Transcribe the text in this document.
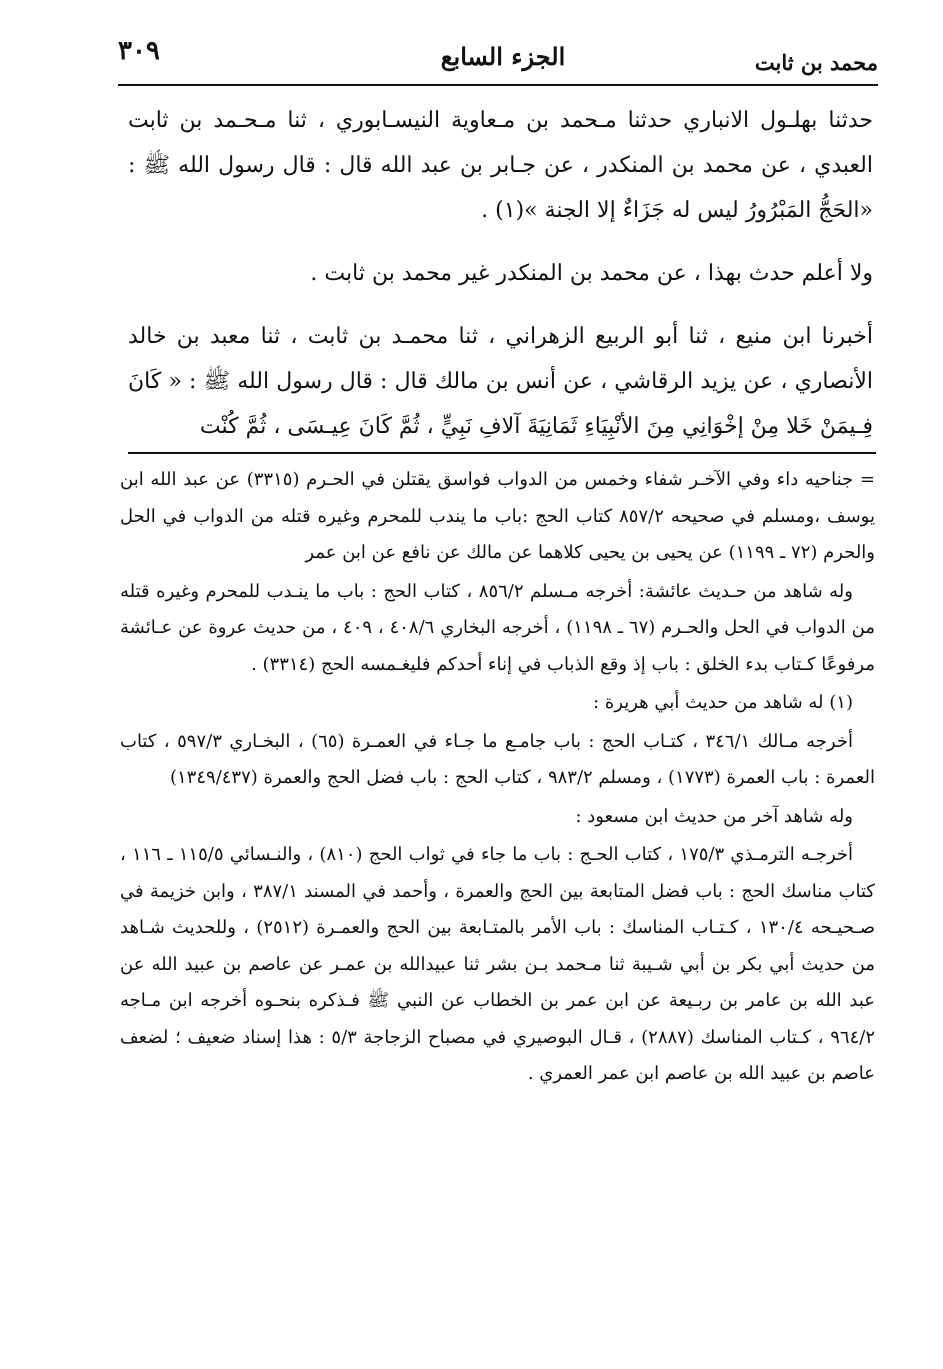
محمد بن ثابت
الجزء السابع
٣٠٩

حدثنا بهلـول الانباري حدثنا مـحمد بن مـعاوية النيسـابوري ، ثنا مـحـمد بن ثابت العبدي ، عن محمد بن المنكدر ، عن جـابر بن عبد الله قال : قال رسول الله ﷺ : «الحَجُّ المَبْرُورُ ليس له جَزَاءٌ إلا الجنة »(١) .

ولا أعلم حدث بهذا ، عن محمد بن المنكدر غير محمد بن ثابت .

أخبرنا ابن منيع ، ثنا أبو الربيع الزهراني ، ثنا محمـد بن ثابت ، ثنا معبد بن خالد الأنصاري ، عن يزيد الرقاشي ، عن أنس بن مالك قال : قال رسول الله ﷺ : « كَانَ فِـيمَنْ خَلا مِنْ إخْوَانِي مِنَ الأنْبِيَاءِ ثَمَانِيَةَ آلافِ نَبِيٍّ ، ثُمَّ كَانَ عِيـسَى ، ثُمَّ كُنْت

= جناحيه داء وفي الآخـر شفاء وخمس من الدواب فواسق يقتلن في الحـرم (٣٣١٥) عن عبد الله ابن يوسف ،ومسلم في صحيحه ٨٥٧/٢ كتاب الحج :باب ما يندب للمحرم وغيره قتله من الدواب في الحل والحرم (٧٢ ـ ١١٩٩) عن يحيى بن يحيى كلاهما عن مالك عن نافع عن ابن عمر

وله شاهد من حـديث عائشة: أخرجه مـسلم ٨٥٦/٢ ، كتاب الحج : باب ما ينـدب للمحرم وغيره قتله من الدواب في الحل والحـرم (٦٧ ـ ١١٩٨) ، أخرجه البخاري ٤٠٨/٦ ، ٤٠٩ ، من حديث عروة عن عـائشة مرفوعًا كـتاب بدء الخلق : باب إذ وقع الذباب في إناء أحدكم فليغـمسه الحج (٣٣١٤) .

(١) له شاهد من حديث أبي هريرة :

أخرجه مـالك ٣٤٦/١ ، كتـاب الحج : باب جامـع ما جـاء في العمـرة (٦٥) ، البخـاري ٥٩٧/٣ ، كتاب العمرة : باب العمرة (١٧٧٣) ، ومسلم ٩٨٣/٢ ، كتاب الحج : باب فضل الحج والعمرة (١٣٤٩/٤٣٧)

وله شاهد آخر من حديث ابن مسعود :

أخرجـه الترمـذي ١٧٥/٣ ، كتاب الحـج : باب ما جاء في ثواب الحج (٨١٠) ، والنـسائي ١١٥/٥ ـ ١١٦ ، كتاب مناسك الحج : باب فضل المتابعة بين الحج والعمرة ، وأحمد في المسند ٣٨٧/١ ، وابن خزيمة في صـحيـحه ١٣٠/٤ ، كـتـاب المناسك : باب الأمر بالمتـابعة بين الحج والعمـرة (٢٥١٢) ، وللحديث شـاهد من حديث أبي بكر بن أبي شـيبة ثنا مـحمد بـن بشر ثنا عبيدالله بن عمـر عن عاصم بن عبيد الله عن عبد الله بن عامر بن ربـيعة عن ابن عمر بن الخطاب عن النبي ﷺ فـذكره بنحـوه أخرجه ابن مـاجه ٩٦٤/٢ ، كـتاب المناسك (٢٨٨٧) ، قـال البوصيري في مصباح الزجاجة ٥/٣ : هذا إسناد ضعيف ؛ لضعف عاصم بن عبيد الله بن عاصم ابن عمر العمري .
